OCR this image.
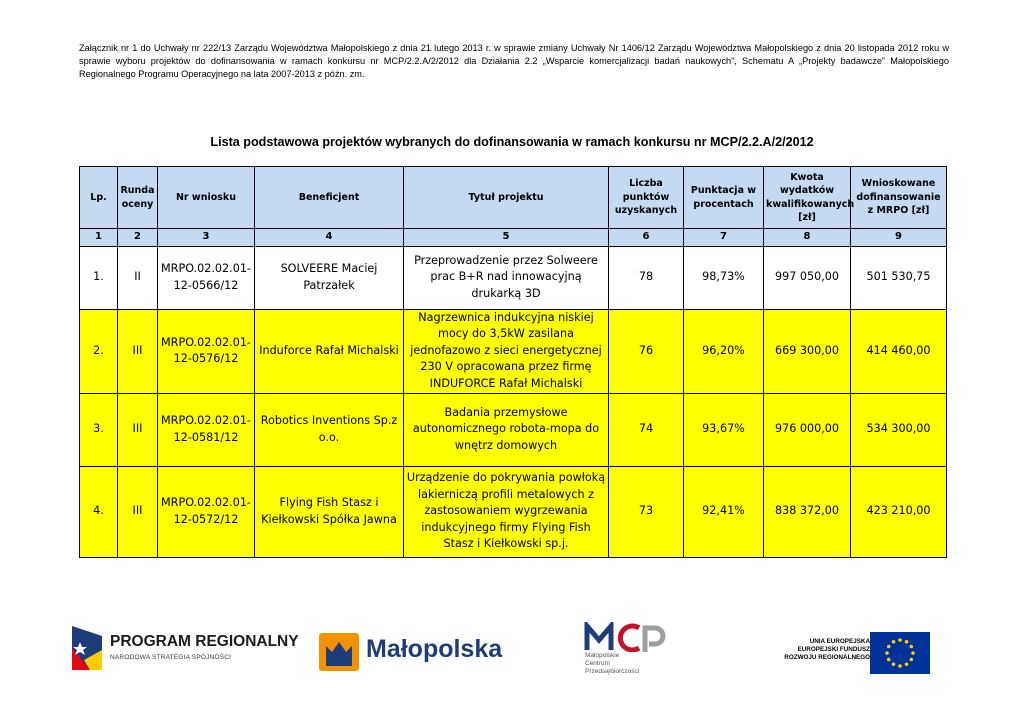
Załącznik nr 1 do Uchwały nr 222/13 Zarządu Województwa Małopolskiego z dnia 21 lutego 2013 r. w sprawie zmiany Uchwały Nr 1406/12 Zarządu Województwa Małopolskiego z dnia 20 listopada 2012 roku w sprawie wyboru projektów do dofinansowania w ramach konkursu nr MCP/2.2.A/2/2012 dla Działania 2.2 „Wsparcie komercjalizacji badań naukowych”, Schematu A „Projekty badawcze” Małopolskiego Regionalnego Programu Operacyjnego na lata 2007-2013 z późn. zm.
Lista podstawowa projektów wybranych do dofinansowania w ramach konkursu nr MCP/2.2.A/2/2012
Lp.	Runda oceny	Nr wniosku	Beneficjent	Tytuł projektu	Liczba punktów uzyskanych	Punktacja w procentach	Kwota wydatków kwalifikowanych [zł]	Wnioskowane dofinansowanie z MRPO [zł]
1	2	3	4	5	6	7	8	9
1.	II	MRPO.02.02.01-12-0566/12	SOLVEERE Maciej Patrzałek	Przeprowadzenie przez Solweere prac B+R nad innowacyjną drukarką 3D	78	98,73%	997 050,00	501 530,75
2.	III	MRPO.02.02.01-12-0576/12	Induforce Rafał Michalski	Nagrzewnica indukcyjna niskiej mocy do 3,5kW zasilana jednofazowo z sieci energetycznej 230 V opracowana przez firmę INDUFORCE Rafał Michalski	76	96,20%	669 300,00	414 460,00
3.	III	MRPO.02.02.01-12-0581/12	Robotics Inventions Sp.z o.o.	Badania przemysłowe autonomicznego robota-mopa do wnętrz domowych	74	93,67%	976 000,00	534 300,00
4.	III	MRPO.02.02.01-12-0572/12	Flying Fish Stasz i Kiełkowski Spółka Jawna	Urządzenie do pokrywania powłoką lakierniczą profili metalowych z zastosowaniem wygrzewania indukcyjnego firmy Flying Fish Stasz i Kiełkowski sp.j.	73	92,41%	838 372,00	423 210,00
PROGRAM REGIONALNY
NARODOWA STRATEGIA SPÓJNOŚCI	Małopolska	Małopolskie
Centrum
Przedsiębiorczości
UNIA EUROPEJSKA
EUROPEJSKI FUNDUSZ
ROZWOJU REGIONALNEGO
